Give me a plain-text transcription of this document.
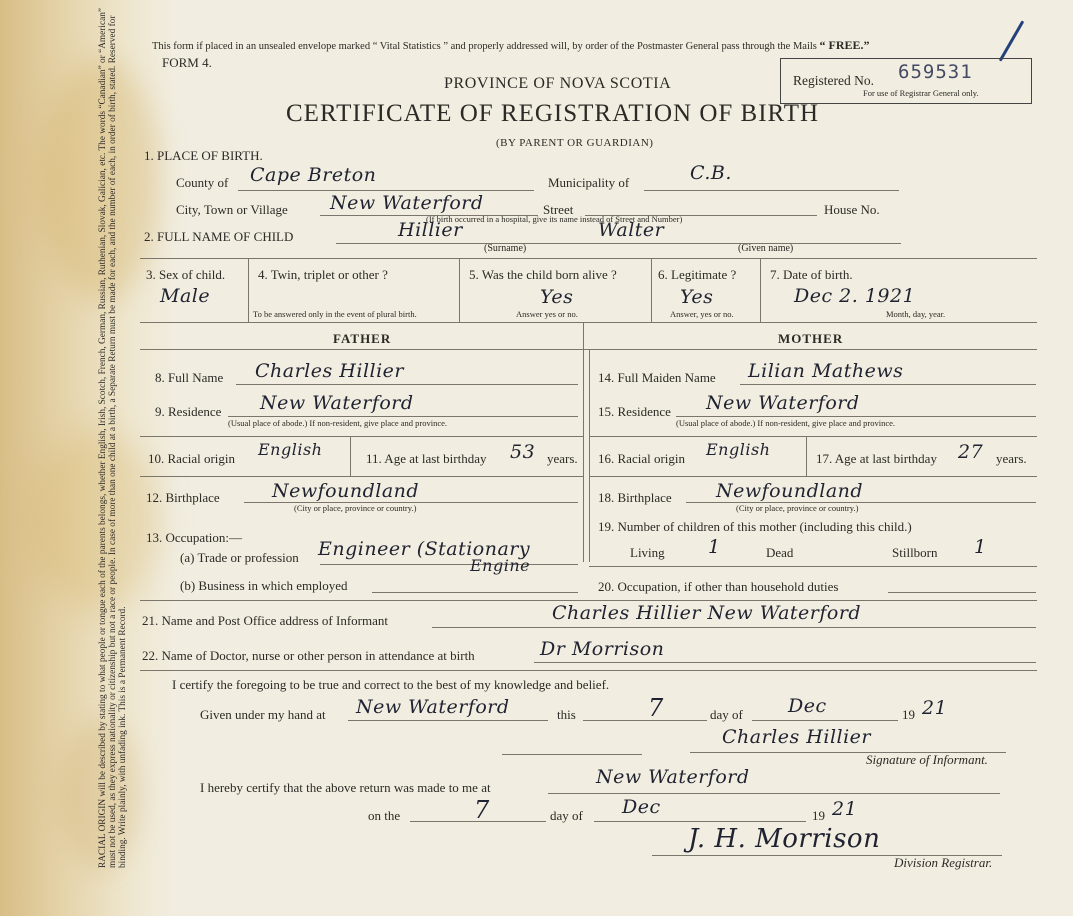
RACIAL ORIGIN will be described by stating to what people or tongue each of the parents belongs, whether English, Irish, Scotch, French, German, Russian, Ruthenian, Slovak, Galician, etc. The words “Canadian” or “American” must not be used, as they express nationality or citizenship but not a race or people. In case of more than one child at a birth, a Separate Return must be made for each, and the number of each, in order of birth, stated. Reserved for binding. Write plainly, with unfading ink. This is a Permanent Record.
This form if placed in an unsealed envelope marked “ Vital Statistics ” and properly addressed will, by order of the Postmaster General pass through the Mails “ FREE.”
FORM 4.
PROVINCE OF NOVA SCOTIA
CERTIFICATE OF REGISTRATION OF BIRTH
(BY PARENT OR GUARDIAN)
Registered No. 659531
For use of Registrar General only.
1. PLACE OF BIRTH.
County of Cape Breton	Municipality of	C.B.
City, Town or Village New Waterford	Street	House No.
(If birth occurred in a hospital, give its name instead of Street and Number)
2. FULL NAME OF CHILD	Hillier	Walter
(Surname)	(Given name)
3. Sex of child.
Male
4. Twin, triplet or other ?
To be answered only in the event of plural birth.
5. Was the child born alive ?
Yes
Answer yes or no.
6. Legitimate ?
Yes
Answer, yes or no.
7. Date of birth.
Dec 2. 1921
Month, day, year.
FATHER	MOTHER
8. Full Name Charles Hillier
9. Residence New Waterford
(Usual place of abode.) If non-resident, give place and province.
10. Racial origin English	11. Age at last birthday 53 years.
12. Birthplace	Newfoundland
(City or place, province or country.)
13. Occupation:—
(a) Trade or profession Engineer (Stationary
Engine
(b) Business in which employed
14. Full Maiden Name Lilian Mathews
15. Residence New Waterford
(Usual place of abode.) If non-resident, give place and province.
16. Racial origin English	17. Age at last birthday 27 years.
18. Birthplace Newfoundland
(City or place, province or country.)
19. Number of children of this mother (including this child.)
Living 1	Dead	Stillborn 1
20. Occupation, if other than household duties
21. Name and Post Office address of Informant	Charles Hillier New Waterford
22. Name of Doctor, nurse or other person in attendance at birth	Dr Morrison
I certify the foregoing to be true and correct to the best of my knowledge and belief.
Given under my hand at New Waterford	this	7	day of Dec	19 21
Charles Hillier
Signature of Informant.
I hereby certify that the above return was made to me at	New Waterford
on the	7	day of Dec	19 21
J. H. Morrison
Division Registrar.
